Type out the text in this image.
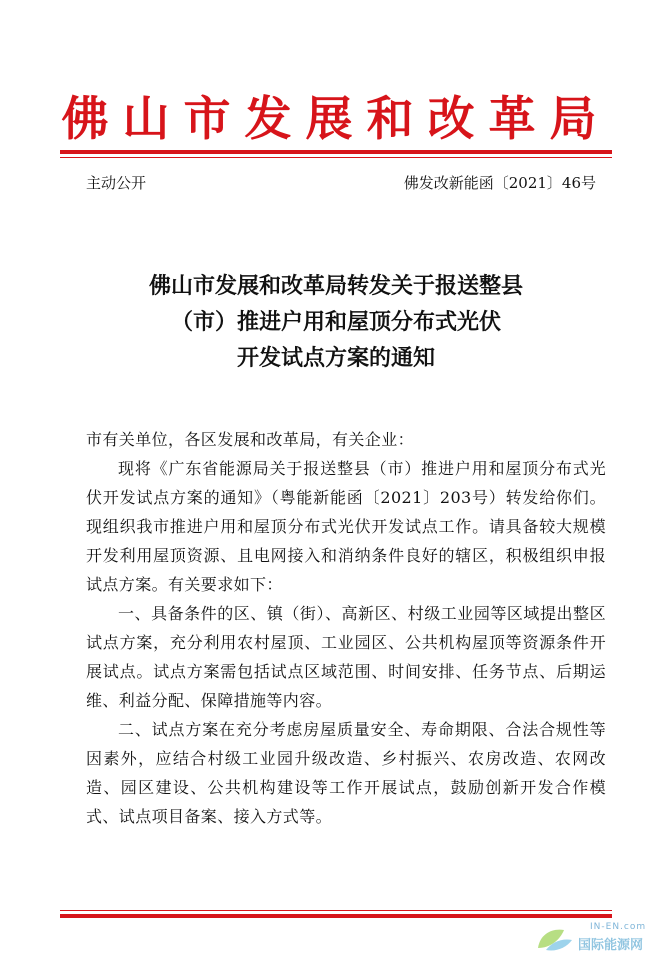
佛山市发展和改革局
主动公开	佛发改新能函〔2021〕46号
佛山市发展和改革局转发关于报送整县
（市）推进户用和屋顶分布式光伏
开发试点方案的通知

市有关单位，各区发展和改革局，有关企业：

现将《广东省能源局关于报送整县（市）推进户用和屋顶分布式光伏开发试点方案的通知》（粤能新能函〔2021〕203号）转发给你们。现组织我市推进户用和屋顶分布式光伏开发试点工作。请具备较大规模开发利用屋顶资源、且电网接入和消纳条件良好的辖区，积极组织申报试点方案。有关要求如下：

一、具备条件的区、镇（街）、高新区、村级工业园等区域提出整区试点方案，充分利用农村屋顶、工业园区、公共机构屋顶等资源条件开展试点。试点方案需包括试点区域范围、时间安排、任务节点、后期运维、利益分配、保障措施等内容。

二、试点方案在充分考虑房屋质量安全、寿命期限、合法合规性等因素外，应结合村级工业园升级改造、乡村振兴、农房改造、农网改造、园区建设、公共机构建设等工作开展试点，鼓励创新开发合作模式、试点项目备案、接入方式等。

IN-EN.com
国际能源网
